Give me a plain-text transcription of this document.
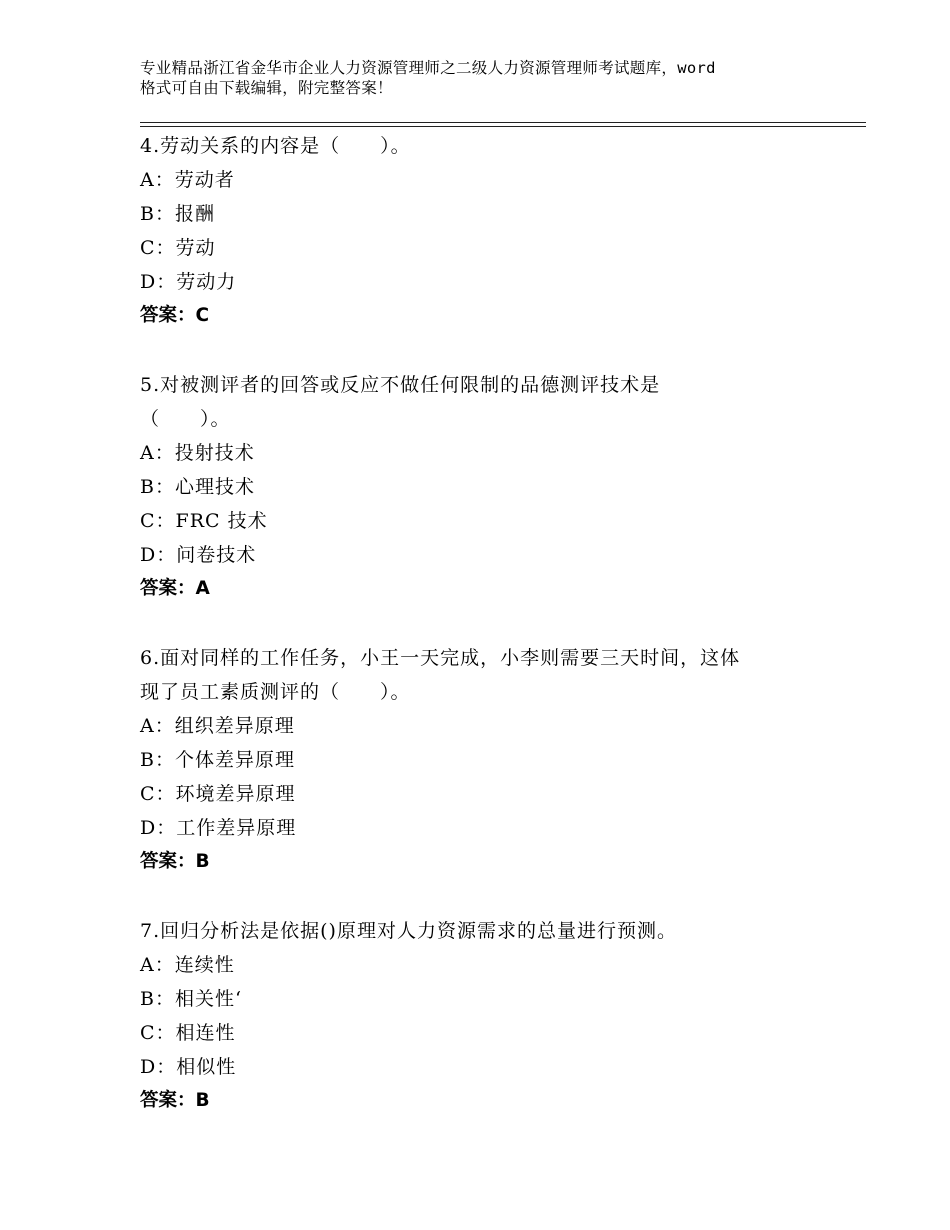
专业精品浙江省金华市企业人力资源管理师之二级人力资源管理师考试题库，word
格式可自由下载编辑，附完整答案！
4.劳动关系的内容是（　　）。
A：劳动者
B：报酬
C：劳动
D：劳动力
答案：C
5.对被测评者的回答或反应不做任何限制的品德测评技术是
（　　）。
A：投射技术
B：心理技术
C：FRC 技术
D：问卷技术
答案：A
6.面对同样的工作任务，小王一天完成，小李则需要三天时间，这体
现了员工素质测评的（　　）。
A：组织差异原理
B：个体差异原理
C：环境差异原理
D：工作差异原理
答案：B
7.回归分析法是依据()原理对人力资源需求的总量进行预测。
A：连续性
B：相关性‘
C：相连性
D：相似性
答案：B
